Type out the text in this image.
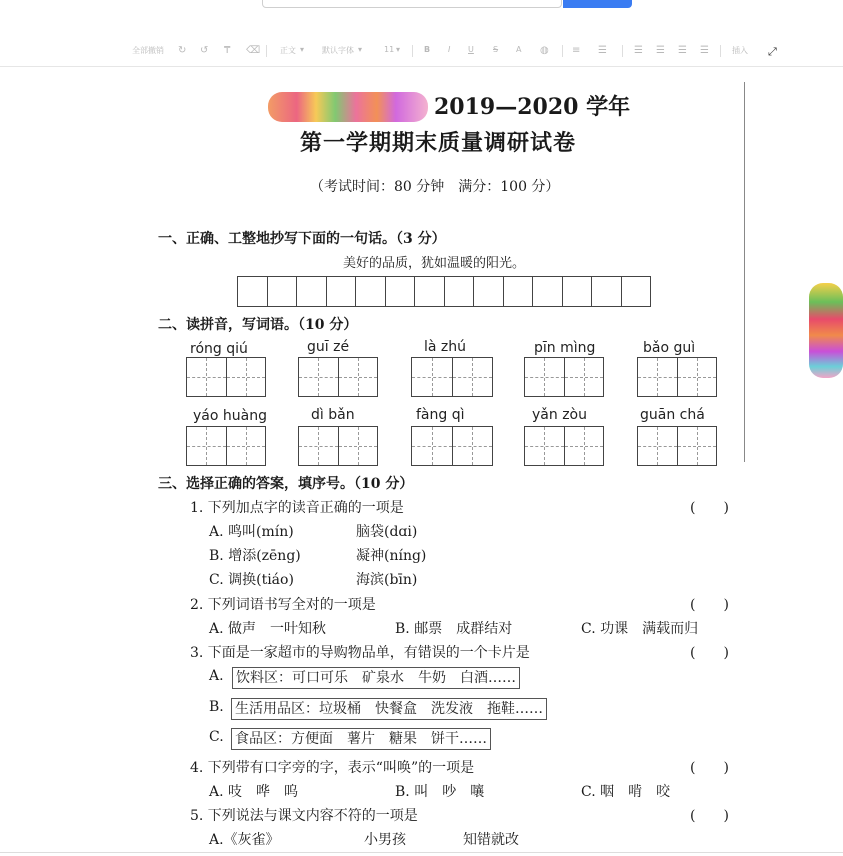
全部撤销 ↻ ↺ ₸ ⌫ 正文 ▾ 默认字体 ▾	11 ▾	B I U S A ◍ ≡ ☰	☰ ☰ ☰ ☰	插入 ⤢
2019—2020 学年
第一学期期末质量调研试卷
（考试时间：80 分钟　满分：100 分）
一、正确、工整地抄写下面的一句话。（3 分）
美好的品质，犹如温暖的阳光。
二、读拼音，写词语。（10 分）
róng qiú	guī zé	là zhú	pīn mìng	bǎo guì
yáo huàng	dì bǎn	fàng qì	yǎn zòu	guān chá
三、选择正确的答案，填序号。（10 分）
1. 下列加点字的读音正确的一项是	(　　)
A. 鸣叫(mín)	脑袋(dɑi)
B. 增添(zēng)	凝神(níng)
C. 调换(tiáo)	海滨(bīn)
2. 下列词语书写全对的一项是	(　　)
A. 做声　一叶知秋	B. 邮票　成群结对	C. 功课　满载而归
3. 下面是一家超市的导购物品单，有错误的一个卡片是	(　　)
A. 饮料区：可口可乐　矿泉水　牛奶　白酒……
B. 生活用品区：垃圾桶　快餐盒　洗发液　拖鞋……
C. 食品区：方便面　薯片　糖果　饼干……
4. 下列带有口字旁的字，表示“叫唤”的一项是	(　　)
A. 吱　哗　呜	B. 叫　吵　嚷	C. 咽　啃　咬
5. 下列说法与课文内容不符的一项是	(　　)
A.《灰雀》	小男孩	知错就改
